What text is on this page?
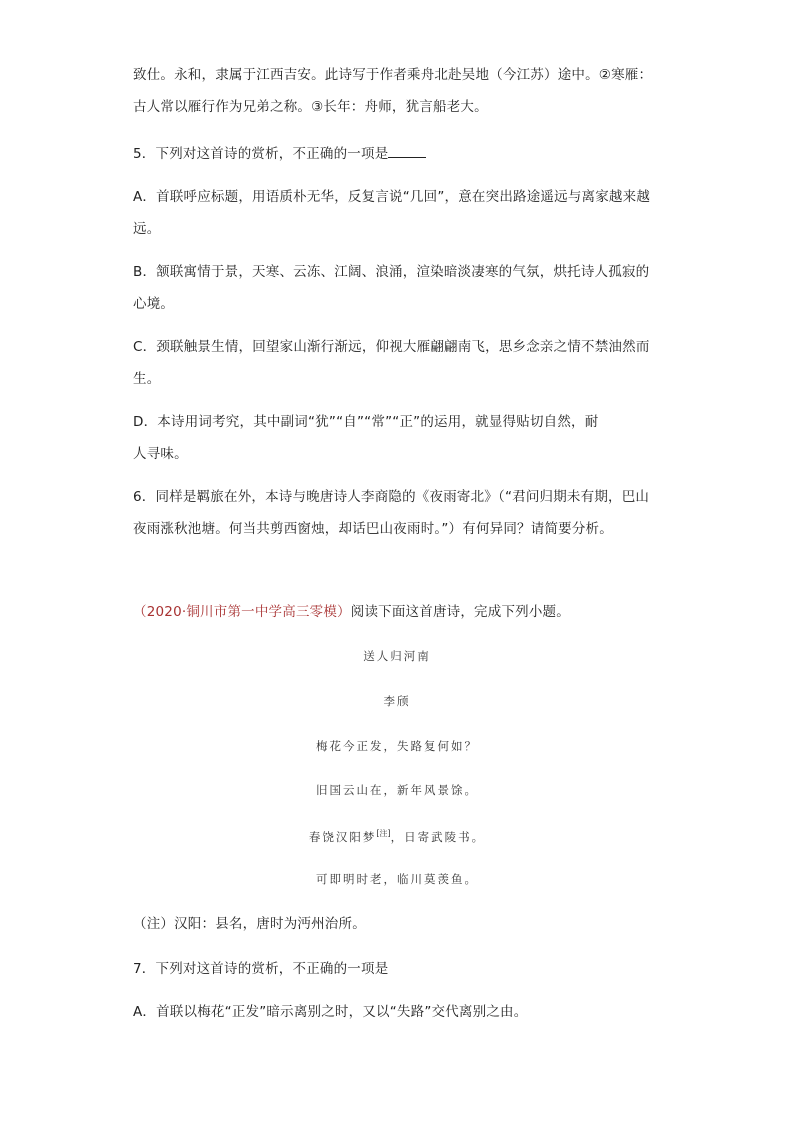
致仕。永和，隶属于江西吉安。此诗写于作者乘舟北赴吴地（今江苏）途中。②寒雁：
古人常以雁行作为兄弟之称。③长年：舟师，犹言船老大。

5．下列对这首诗的赏析，不正确的一项是

A．首联呼应标题，用语质朴无华，反复言说“几回”，意在突出路途遥远与离家越来越
远。

B．颔联寓情于景，天寒、云冻、江阔、浪涌，渲染暗淡凄寒的气氛，烘托诗人孤寂的
心境。

C．颈联触景生情，回望家山渐行渐远，仰视大雁翩翩南飞，思乡念亲之情不禁油然而
生。

D．本诗用词考究，其中副词“犹”“自”“常”“正”的运用，就显得贴切自然，耐
人寻味。

6．同样是羁旅在外，本诗与晚唐诗人李商隐的《夜雨寄北》（“君问归期未有期，巴山
夜雨涨秋池塘。何当共剪西窗烛，却话巴山夜雨时。”）有何异同？请简要分析。

（2020·铜川市第一中学高三零模）阅读下面这首唐诗，完成下列小题。

送人归河南

李颀

梅花今正发，失路复何如？

旧国云山在，新年风景馀。

春饶汉阳梦[注]，日寄武陵书。

可即明时老，临川莫羡鱼。

（注）汉阳：县名，唐时为沔州治所。

7．下列对这首诗的赏析，不正确的一项是

A．首联以梅花“正发”暗示离别之时，又以“失路”交代离别之由。
